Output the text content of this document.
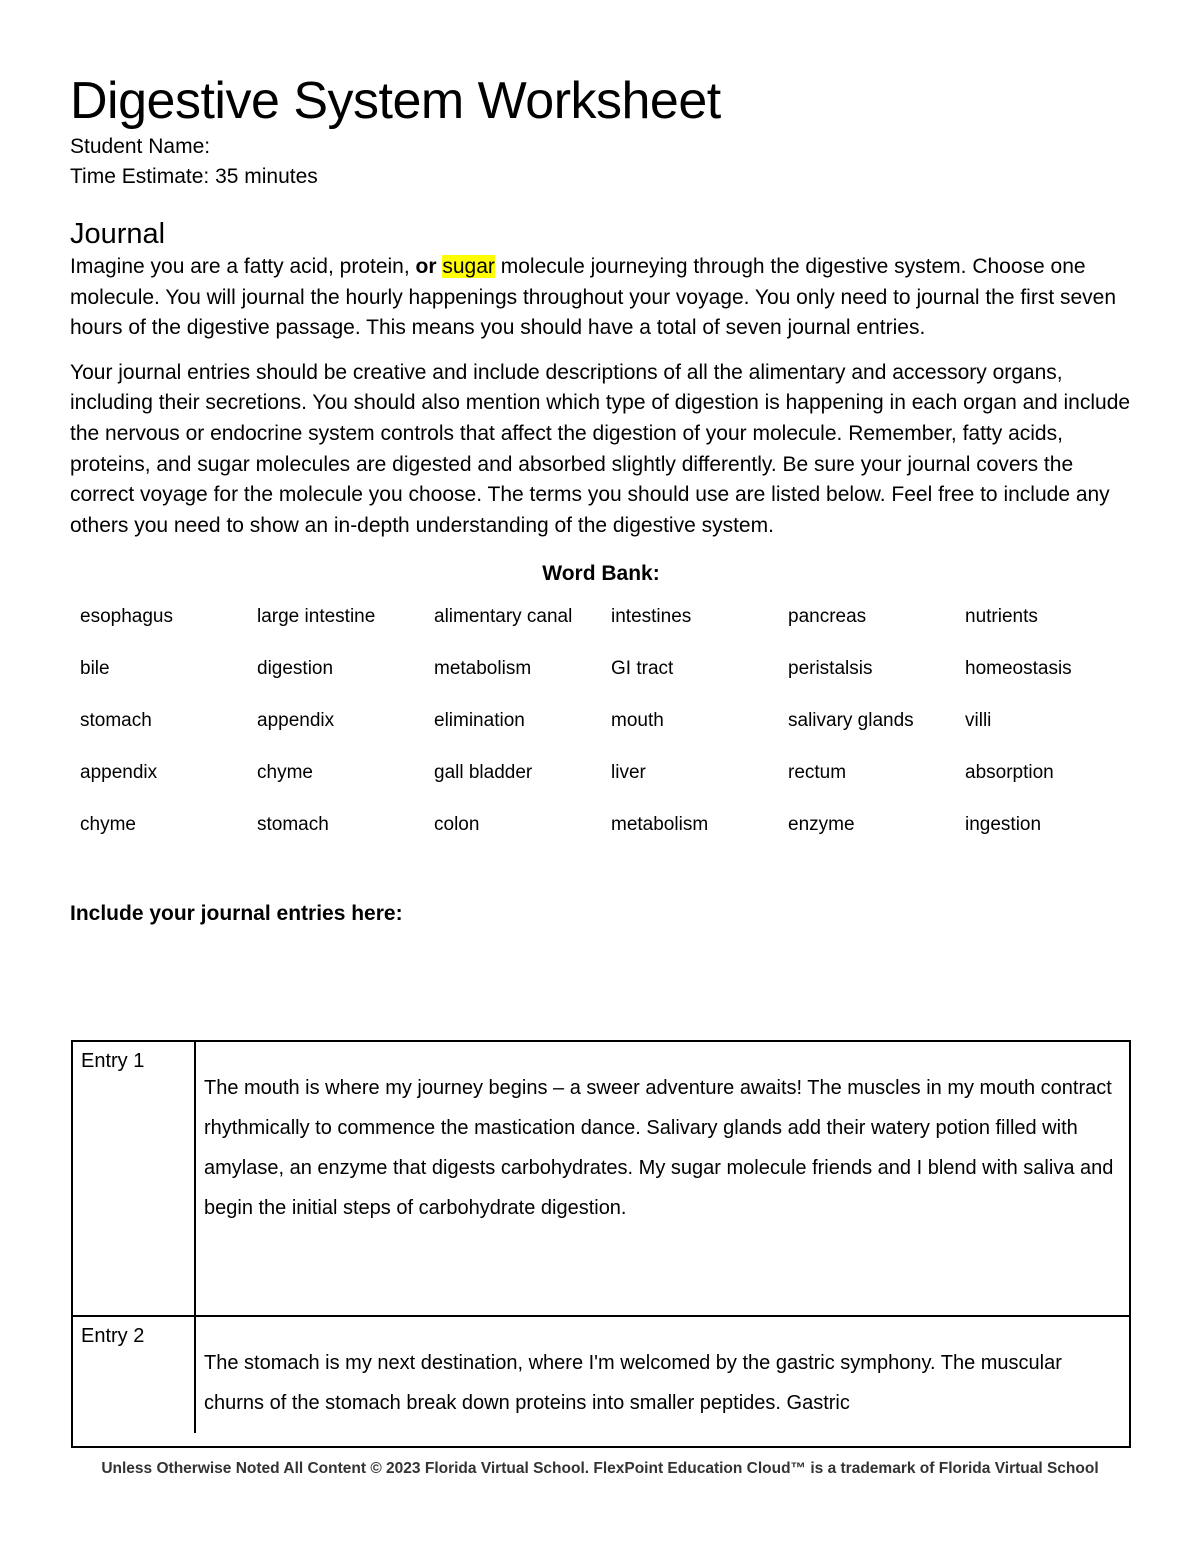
Digestive System Worksheet
Student Name:
Time Estimate: 35 minutes
Journal

Imagine you are a fatty acid, protein, or sugar molecule journeying through the digestive system. Choose one molecule. You will journal the hourly happenings throughout your voyage. You only need to journal the first seven hours of the digestive passage. This means you should have a total of seven journal entries.

Your journal entries should be creative and include descriptions of all the alimentary and accessory organs, including their secretions. You should also mention which type of digestion is happening in each organ and include the nervous or endocrine system controls that affect the digestion of your molecule. Remember, fatty acids, proteins, and sugar molecules are digested and absorbed slightly differently. Be sure your journal covers the correct voyage for the molecule you choose. The terms you should use are listed below. Feel free to include any others you need to show an in-depth understanding of the digestive system.

Word Bank:
esophagus	large intestine	alimentary canal	intestines	pancreas	nutrients
bile	digestion	metabolism	GI tract	peristalsis	homeostasis
stomach	appendix	elimination	mouth	salivary glands	villi
appendix	chyme	gall bladder	liver	rectum	absorption
chyme	stomach	colon	metabolism	enzyme	ingestion
Include your journal entries here:
Entry 1	The mouth is where my journey begins – a sweer adventure awaits! The muscles in my mouth contract rhythmically to commence the mastication dance. Salivary glands add their watery potion filled with amylase, an enzyme that digests carbohydrates. My sugar molecule friends and I blend with saliva and begin the initial steps of carbohydrate digestion.
Entry 2	The stomach is my next destination, where I'm welcomed by the gastric symphony. The muscular churns of the stomach break down proteins into smaller peptides. Gastric
Unless Otherwise Noted All Content © 2023 Florida Virtual School. FlexPoint Education Cloud™ is a trademark of Florida Virtual School
